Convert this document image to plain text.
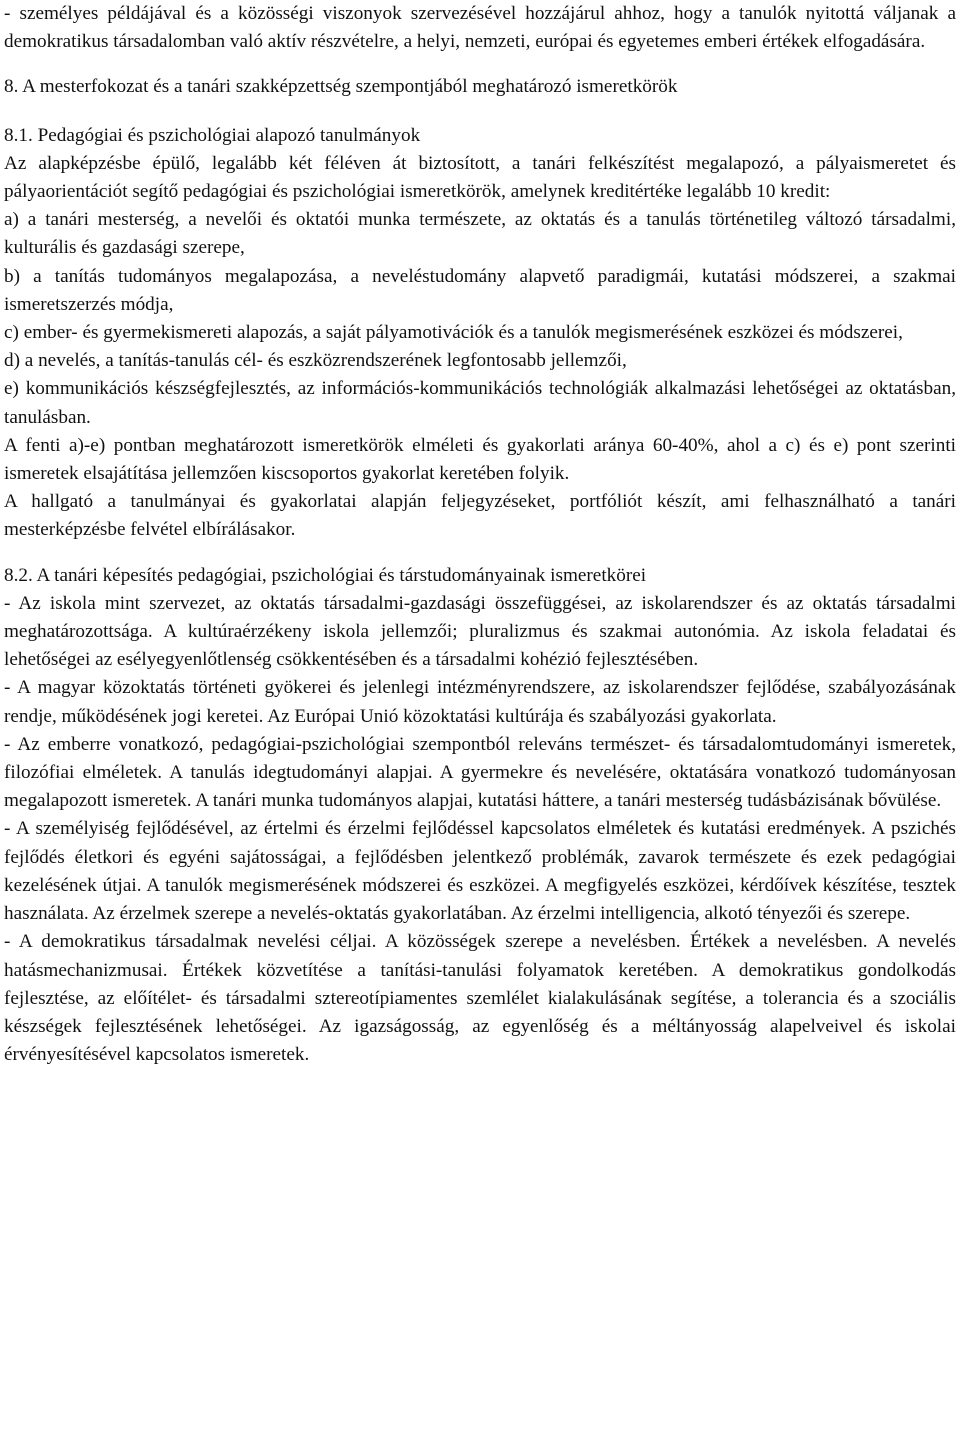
- személyes példájával és a közösségi viszonyok szervezésével hozzájárul ahhoz, hogy a tanulók nyitottá váljanak a demokratikus társadalomban való aktív részvételre, a helyi, nemzeti, európai és egyetemes emberi értékek elfogadására.

8. A mesterfokozat és a tanári szakképzettség szempontjából meghatározó ismeretkörök

8.1. Pedagógiai és pszichológiai alapozó tanulmányok

Az alapképzésbe épülő, legalább két féléven át biztosított, a tanári felkészítést megalapozó, a pályaismeretet és pályaorientációt segítő pedagógiai és pszichológiai ismeretkörök, amelynek kreditértéke legalább 10 kredit:

a) a tanári mesterség, a nevelői és oktatói munka természete, az oktatás és a tanulás történetileg változó társadalmi, kulturális és gazdasági szerepe,

b) a tanítás tudományos megalapozása, a neveléstudomány alapvető paradigmái, kutatási módszerei, a szakmai ismeretszerzés módja,

c) ember- és gyermekismereti alapozás, a saját pályamotivációk és a tanulók megismerésének eszközei és módszerei,

d) a nevelés, a tanítás-tanulás cél- és eszközrendszerének legfontosabb jellemzői,

e) kommunikációs készségfejlesztés, az információs-kommunikációs technológiák alkalmazási lehetőségei az oktatásban, tanulásban.

A fenti a)-e) pontban meghatározott ismeretkörök elméleti és gyakorlati aránya 60-40%, ahol a c) és e) pont szerinti ismeretek elsajátítása jellemzően kiscsoportos gyakorlat keretében folyik.

A hallgató a tanulmányai és gyakorlatai alapján feljegyzéseket, portfóliót készít, ami felhasználható a tanári mesterképzésbe felvétel elbírálásakor.

8.2. A tanári képesítés pedagógiai, pszichológiai és társtudományainak ismeretkörei

- Az iskola mint szervezet, az oktatás társadalmi-gazdasági összefüggései, az iskolarendszer és az oktatás társadalmi meghatározottsága. A kultúraérzékeny iskola jellemzői; pluralizmus és szakmai autonómia. Az iskola feladatai és lehetőségei az esélyegyenlőtlenség csökkentésében és a társadalmi kohézió fejlesztésében.

- A magyar közoktatás történeti gyökerei és jelenlegi intézményrendszere, az iskolarendszer fejlődése, szabályozásának rendje, működésének jogi keretei. Az Európai Unió közoktatási kultúrája és szabályozási gyakorlata.

- Az emberre vonatkozó, pedagógiai-pszichológiai szempontból releváns természet- és társadalomtudományi ismeretek, filozófiai elméletek. A tanulás idegtudományi alapjai. A gyermekre és nevelésére, oktatására vonatkozó tudományosan megalapozott ismeretek. A tanári munka tudományos alapjai, kutatási háttere, a tanári mesterség tudásbázisának bővülése.

- A személyiség fejlődésével, az értelmi és érzelmi fejlődéssel kapcsolatos elméletek és kutatási eredmények. A pszichés fejlődés életkori és egyéni sajátosságai, a fejlődésben jelentkező problémák, zavarok természete és ezek pedagógiai kezelésének útjai. A tanulók megismerésének módszerei és eszközei. A megfigyelés eszközei, kérdőívek készítése, tesztek használata. Az érzelmek szerepe a nevelés-oktatás gyakorlatában. Az érzelmi intelligencia, alkotó tényezői és szerepe.

- A demokratikus társadalmak nevelési céljai. A közösségek szerepe a nevelésben. Értékek a nevelésben. A nevelés hatásmechanizmusai. Értékek közvetítése a tanítási-tanulási folyamatok keretében. A demokratikus gondolkodás fejlesztése, az előítélet- és társadalmi sztereotípiamentes szemlélet kialakulásának segítése, a tolerancia és a szociális készségek fejlesztésének lehetőségei. Az igazságosság, az egyenlőség és a méltányosság alapelveivel és iskolai érvényesítésével kapcsolatos ismeretek.
